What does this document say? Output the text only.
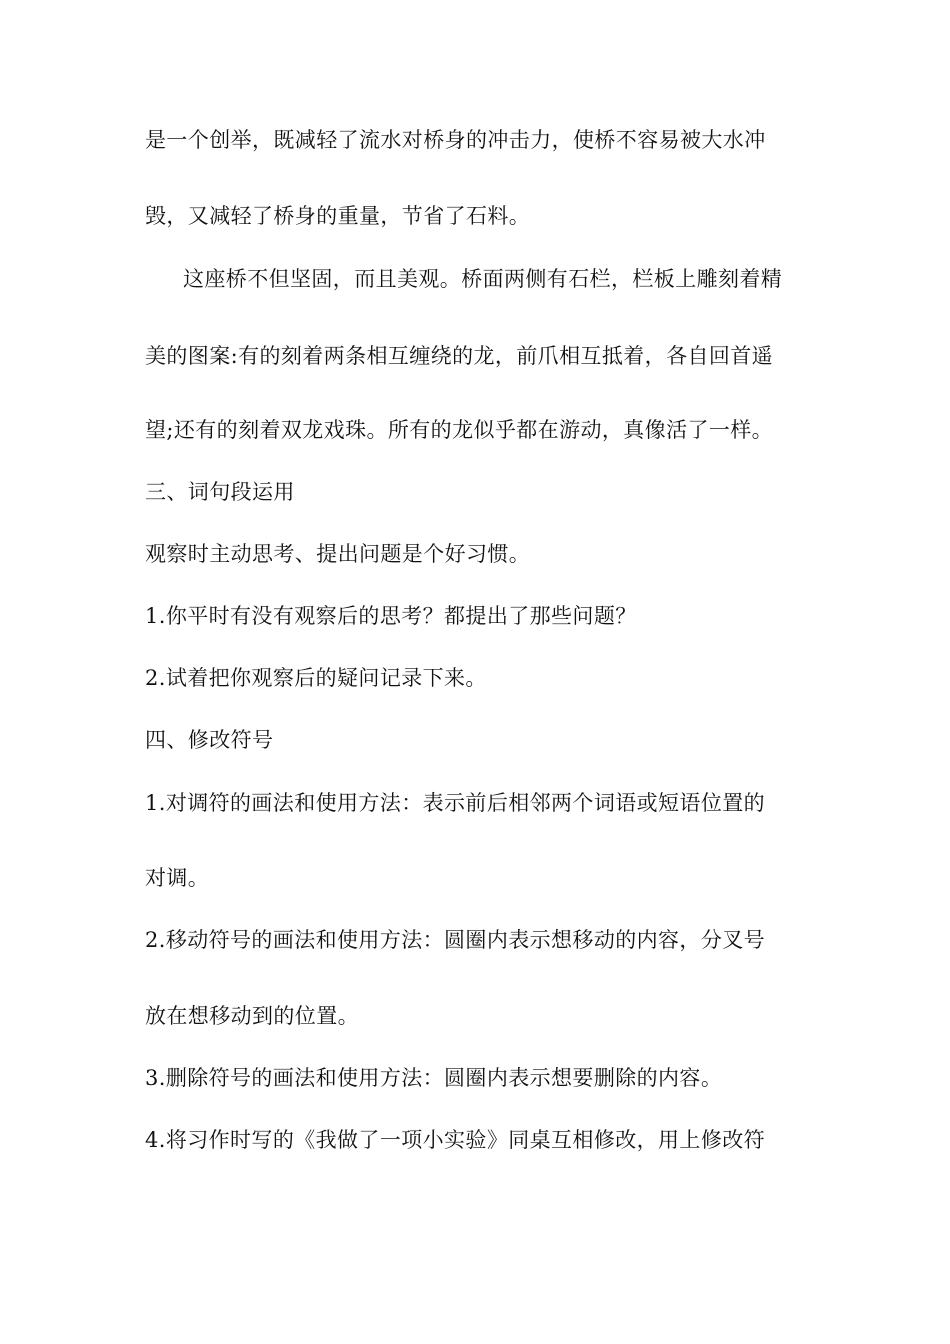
是一个创举，既减轻了流水对桥身的冲击力，使桥不容易被大水冲

毁，又减轻了桥身的重量，节省了石料。

这座桥不但坚固，而且美观。桥面两侧有石栏，栏板上雕刻着精

美的图案:有的刻着两条相互缠绕的龙，前爪相互抵着，各自回首遥

望;还有的刻着双龙戏珠。所有的龙似乎都在游动，真像活了一样。

三、词句段运用

观察时主动思考、提出问题是个好习惯。

1.你平时有没有观察后的思考？都提出了那些问题？

2.试着把你观察后的疑问记录下来。

四、修改符号

1.对调符的画法和使用方法：表示前后相邻两个词语或短语位置的

对调。

2.移动符号的画法和使用方法：圆圈内表示想移动的内容，分叉号

放在想移动到的位置。

3.删除符号的画法和使用方法：圆圈内表示想要删除的内容。

4.将习作时写的《我做了一项小实验》同桌互相修改，用上修改符
